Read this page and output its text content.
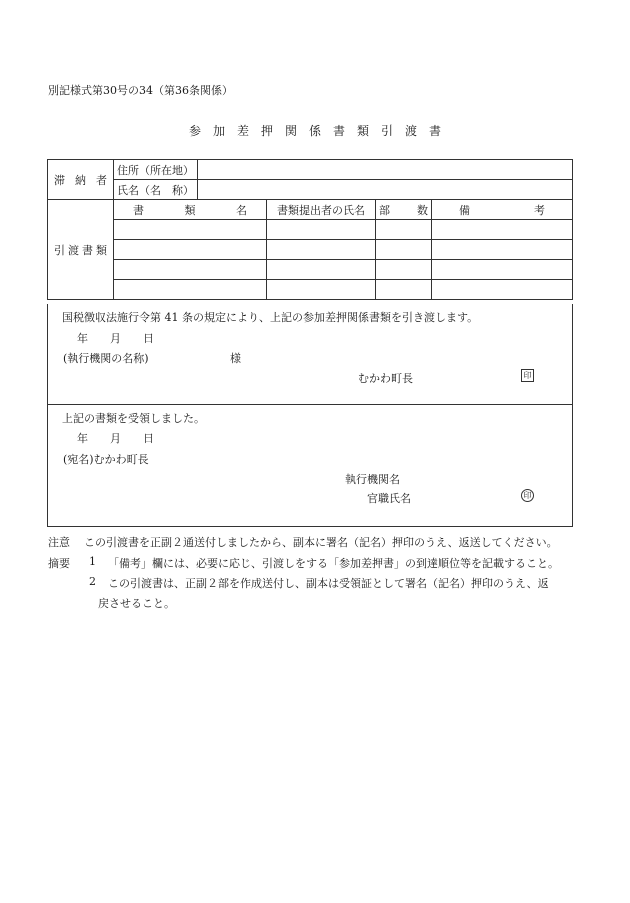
別記様式第30号の34（第36条関係）
参加差押関係書類引渡書
滞納者	住所（所在地）				
	氏名（名　称）				

引渡書類	書類名		書類提出者の氏名	部数	備考

国税徴収法施行令第 41 条の規定により、上記の参加差押関係書類を引き渡します。
年　　月　　日
(執行機関の名称)	様
むかわ町長	印
上記の書類を受領しました。
年　　月　　日
(宛名)むかわ町長
執行機関名
官職氏名	印
注意 この引渡書を正副２通送付しましたから、副本に署名（記名）押印のうえ、返送してください。
摘要 1 「備考」欄には、必要に応じ、引渡しをする「参加差押書」の到達順位等を記載すること。
2 この引渡書は、正副２部を作成送付し、副本は受領証として署名（記名）押印のうえ、返
戻させること。
